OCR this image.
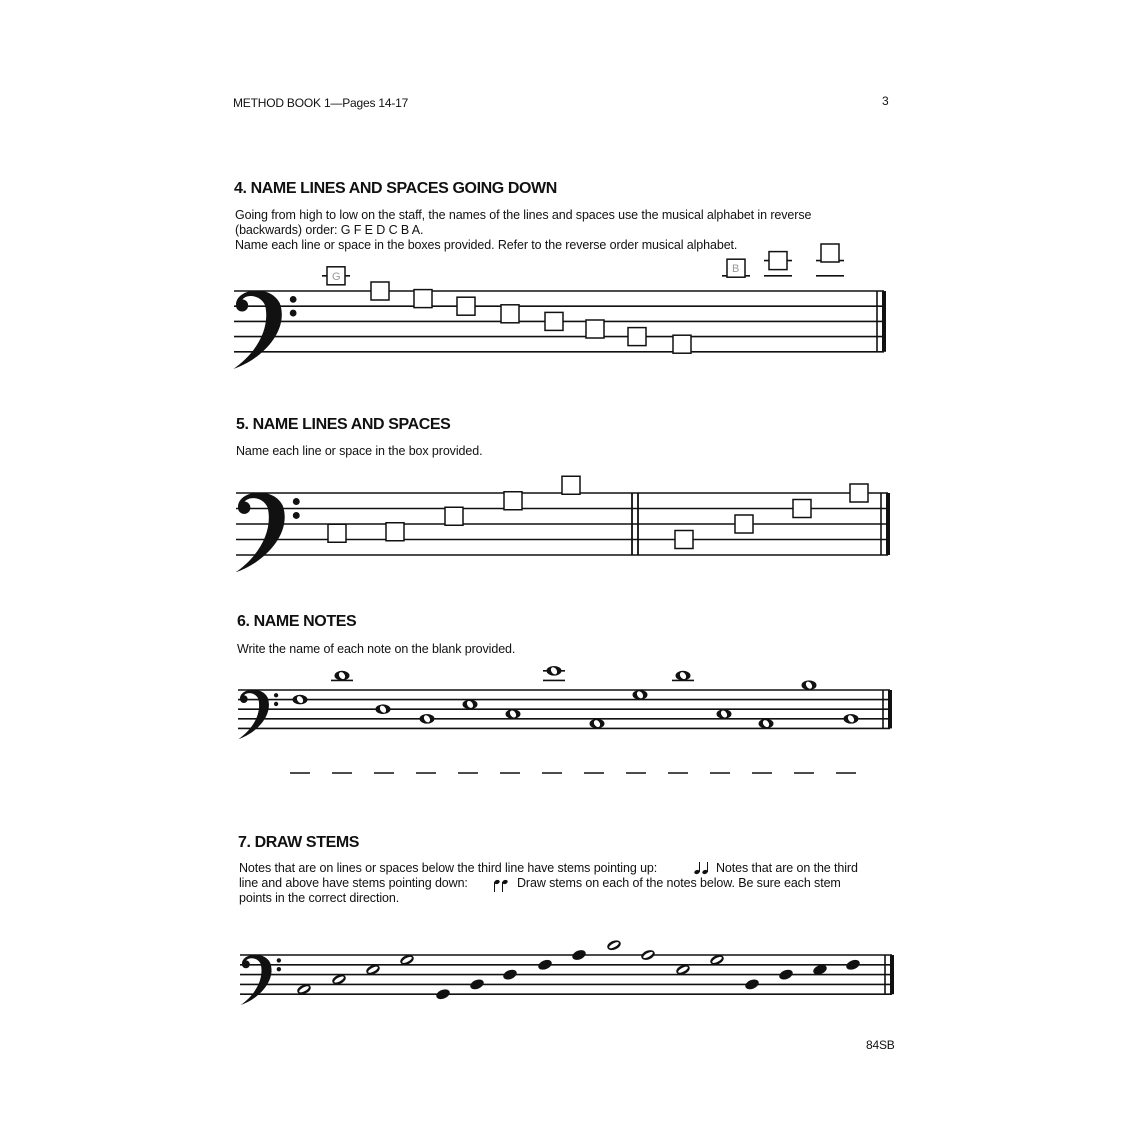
METHOD BOOK 1—Pages 14-17	3
4. NAME LINES AND SPACES GOING DOWN
Going from high to low on the staff, the names of the lines and spaces use the musical alphabet in reverse (backwards) order: G F E D C B A.
Name each line or space in the boxes provided. Refer to the reverse order musical alphabet.
5. NAME LINES AND SPACES
Name each line or space in the box provided.
6. NAME NOTES
Write the name of each note on the blank provided.
7. DRAW STEMS
Notes that are on lines or spaces below the third line have stems pointing up:	Notes that are on the third
line and above have stems pointing down:	Draw stems on each of the notes below. Be sure each stem
points in the correct direction.
84SB
G
B
